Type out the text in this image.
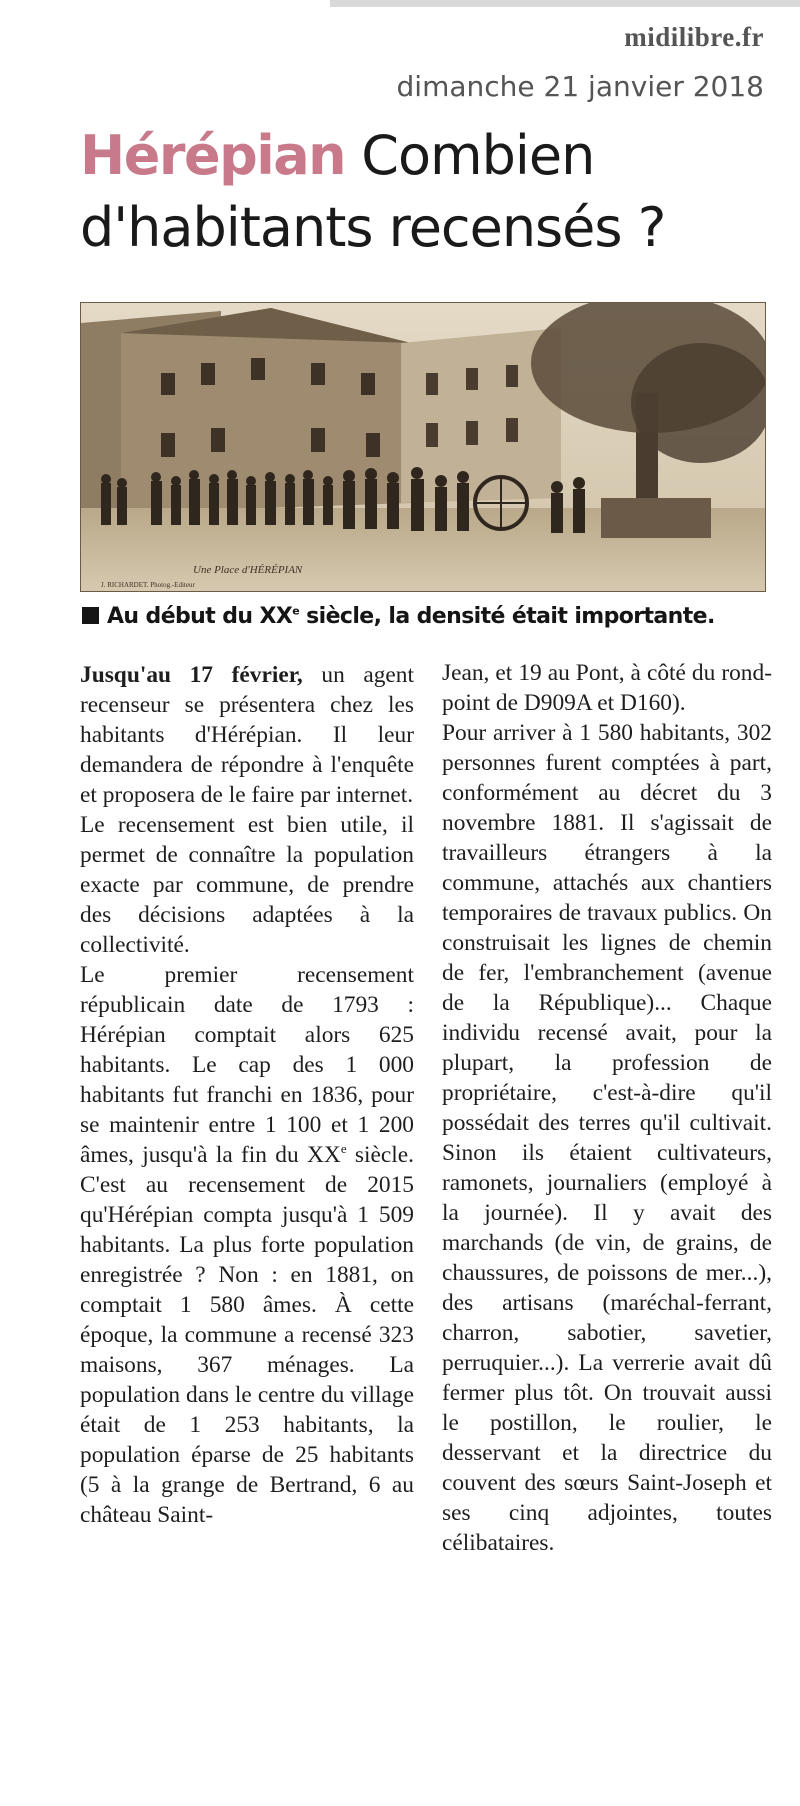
midilibre.fr
dimanche 21 janvier 2018
Hérépian Combien
d'habitants recensés ?
Une Place d'HÉRÉPIAN
J. RICHARDET. Photog.-Editeur
Au début du XXe siècle, la densité était importante.

Jusqu'au 17 février, un agent recenseur se présentera chez les habitants d'Hérépian. Il leur demandera de répondre à l'enquête et proposera de le faire par internet.

Le recensement est bien utile, il permet de connaître la population exacte par commune, de prendre des décisions adaptées à la collectivité.

Le premier recensement républicain date de 1793 : Hérépian comptait alors 625 habitants. Le cap des 1 000 habitants fut franchi en 1836, pour se maintenir entre 1 100 et 1 200 âmes, jusqu'à la fin du XXe siècle. C'est au recensement de 2015 qu'Hérépian compta jusqu'à 1 509 habitants. La plus forte population enregistrée ? Non : en 1881, on comptait 1 580 âmes. À cette époque, la commune a recensé 323 maisons, 367 ménages. La population dans le centre du village était de 1 253 habitants, la population éparse de 25 habitants (5 à la grange de Bertrand, 6 au château Saint-

Jean, et 19 au Pont, à côté du rond-point de D909A et D160).

Pour arriver à 1 580 habitants, 302 personnes furent comptées à part, conformément au décret du 3 novembre 1881. Il s'agissait de travailleurs étrangers à la commune, attachés aux chantiers temporaires de travaux publics. On construisait les lignes de chemin de fer, l'embranchement (avenue de la République)... Chaque individu recensé avait, pour la plupart, la profession de propriétaire, c'est-à-dire qu'il possédait des terres qu'il cultivait. Sinon ils étaient cultivateurs, ramonets, journaliers (employé à la journée). Il y avait des marchands (de vin, de grains, de chaussures, de poissons de mer...), des artisans (maréchal-ferrant, charron, sabotier, savetier, perruquier...). La verrerie avait dû fermer plus tôt. On trouvait aussi le postillon, le roulier, le desservant et la directrice du couvent des sœurs Saint-Joseph et ses cinq adjointes, toutes célibataires.
